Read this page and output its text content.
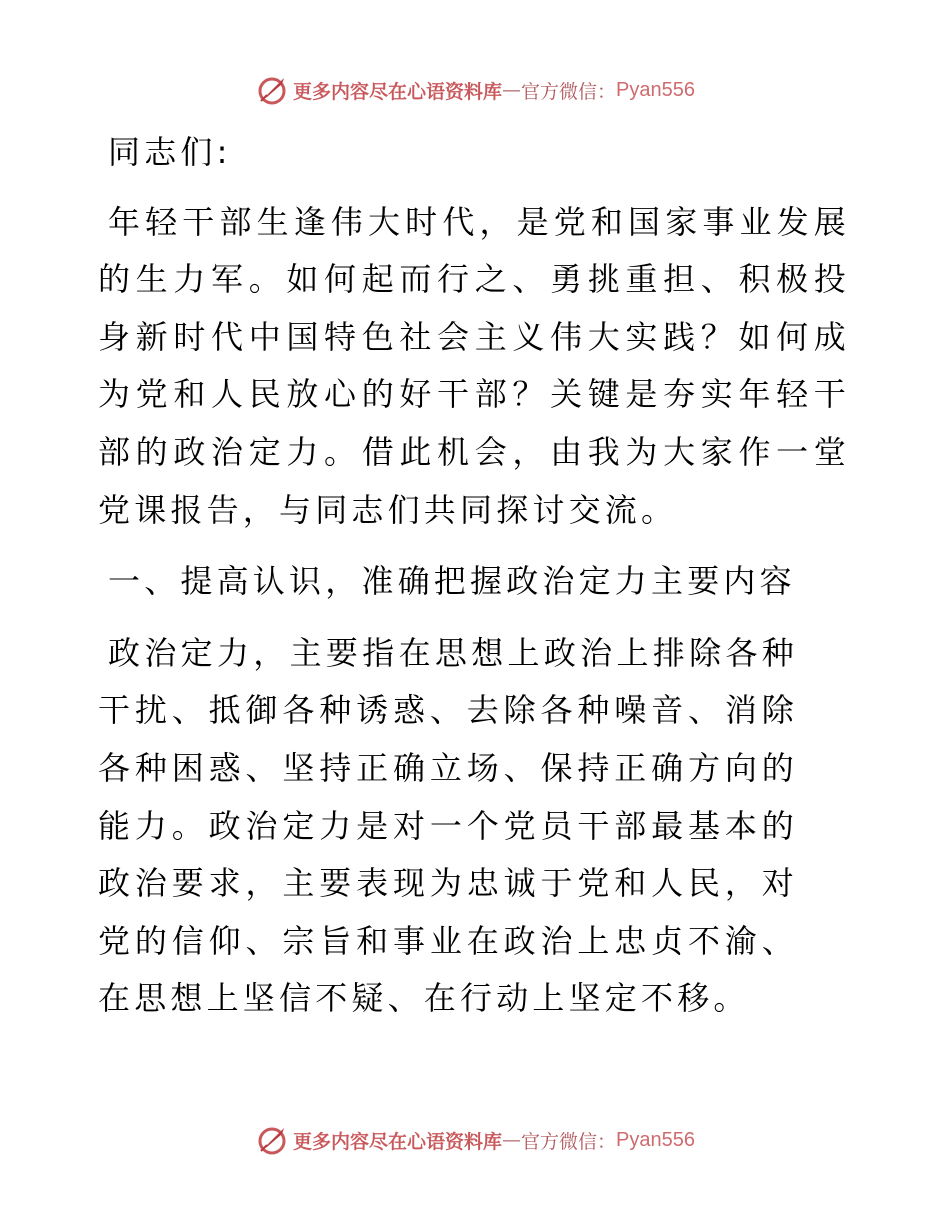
更多内容尽在心语资料库 — 官方微信： Pyan556

同志们:

年轻干部生逢伟大时代，是党和国家事业发展的生力军。如何起而行之、勇挑重担、积极投身新时代中国特色社会主义伟大实践？如何成为党和人民放心的好干部？关键是夯实年轻干部的政治定力。借此机会，由我为大家作一堂党课报告，与同志们共同探讨交流。

一、提高认识，准确把握政治定力主要内容

政治定力，主要指在思想上政治上排除各种干扰、抵御各种诱惑、去除各种噪音、消除各种困惑、坚持正确立场、保持正确方向的能力。政治定力是对一个党员干部最基本的政治要求，主要表现为忠诚于党和人民，对党的信仰、宗旨和事业在政治上忠贞不渝、在思想上坚信不疑、在行动上坚定不移。

更多内容尽在心语资料库 — 官方微信： Pyan556
